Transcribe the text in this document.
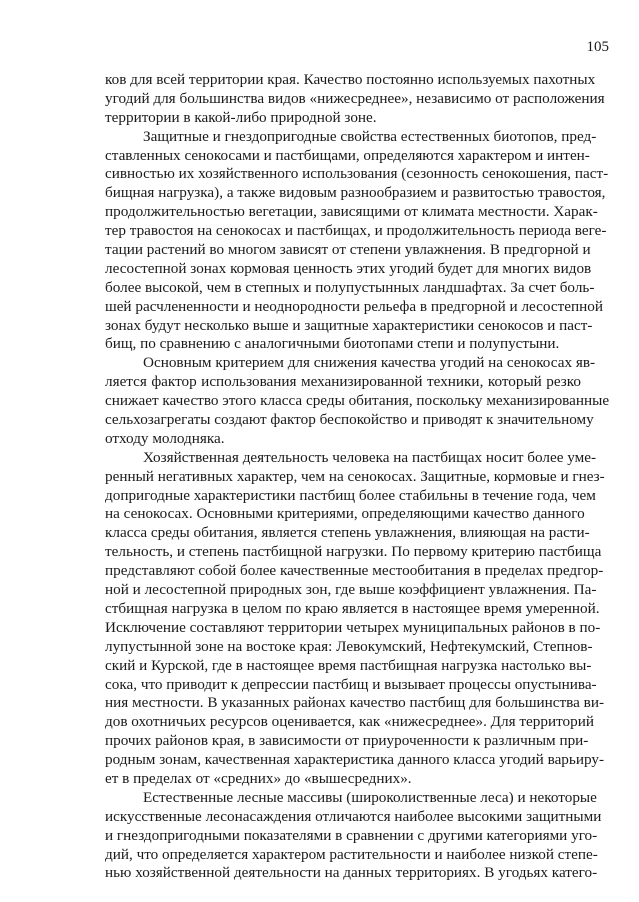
105
ков для всей территории края. Качество постоянно используемых пахотных
угодий для большинства видов «нижесреднее», независимо от расположения
территории в какой-либо природной зоне.
Защитные и гнездопригодные свойства естественных биотопов, пред-
ставленных сенокосами и пастбищами, определяются характером и интен-
сивностью их хозяйственного использования (сезонность сенокошения, паст-
бищная нагрузка), а также видовым разнообразием и развитостью травостоя,
продолжительностью вегетации, зависящими от климата местности. Харак-
тер травостоя на сенокосах и пастбищах, и продолжительность периода веге-
тации растений во многом зависят от степени увлажнения. В предгорной и
лесостепной зонах кормовая ценность этих угодий будет для многих видов
более высокой, чем в степных и полупустынных ландшафтах. За счет боль-
шей расчлененности и неоднородности рельефа в предгорной и лесостепной
зонах будут несколько выше и защитные характеристики сенокосов и паст-
бищ, по сравнению с аналогичными биотопами степи и полупустыни.
Основным критерием для снижения качества угодий на сенокосах яв-
ляется фактор использования механизированной техники, который резко
снижает качество этого класса среды обитания, поскольку механизированные
сельхозагрегаты создают фактор беспокойство и приводят к значительному
отходу молодняка.
Хозяйственная деятельность человека на пастбищах носит более уме-
ренный негативных характер, чем на сенокосах. Защитные, кормовые и гнез-
допригодные характеристики пастбищ более стабильны в течение года, чем
на сенокосах. Основными критериями, определяющими качество данного
класса среды обитания, является степень увлажнения, влияющая на расти-
тельность, и степень пастбищной нагрузки. По первому критерию пастбища
представляют собой более качественные местообитания в пределах предгор-
ной и лесостепной природных зон, где выше коэффициент увлажнения. Па-
стбищная нагрузка в целом по краю является в настоящее время умеренной.
Исключение составляют территории четырех муниципальных районов в по-
лупустынной зоне на востоке края: Левокумский, Нефтекумский, Степнов-
ский и Курской, где в настоящее время пастбищная нагрузка настолько вы-
сока, что приводит к депрессии пастбищ и вызывает процессы опустынива-
ния местности. В указанных районах качество пастбищ для большинства ви-
дов охотничьих ресурсов оценивается, как «нижесреднее». Для территорий
прочих районов края, в зависимости от приуроченности к различным при-
родным зонам, качественная характеристика данного класса угодий варьиру-
ет в пределах от «средних» до «вышесредних».
Естественные лесные массивы (широколиственные леса) и некоторые
искусственные лесонасаждения отличаются наиболее высокими защитными
и гнездопригодными показателями в сравнении с другими категориями уго-
дий, что определяется характером растительности и наиболее низкой степе-
нью хозяйственной деятельности на данных территориях. В угодьях катего-
